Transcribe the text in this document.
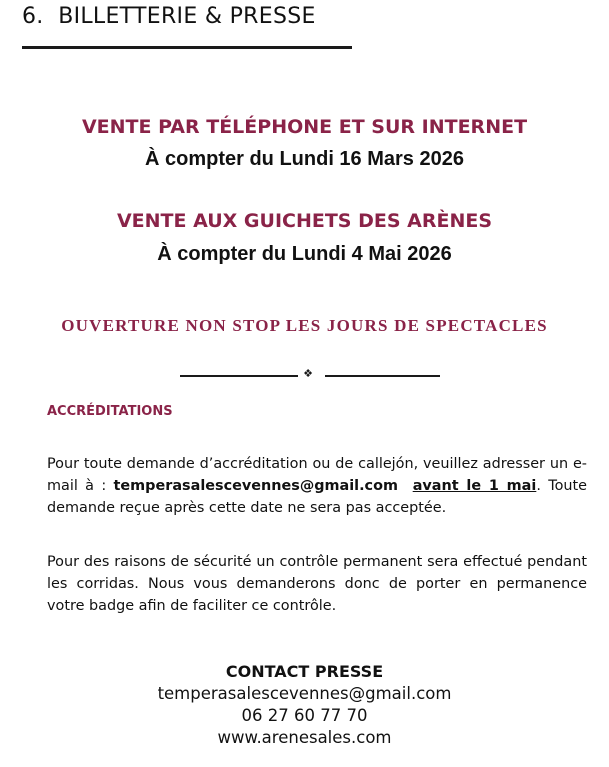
6. BILLETTERIE & PRESSE
VENTE PAR TÉLÉPHONE ET SUR INTERNET
À compter du Lundi 16 Mars 2026
VENTE AUX GUICHETS DES ARÈNES
À compter du Lundi 4 Mai 2026
OUVERTURE NON STOP LES JOURS DE SPECTACLES
❖
ACCRÉDITATIONS

Pour toute demande d’accréditation ou de callejón, veuillez adresser un e-mail à : temperasalescevennes@gmail.com avant le 1 mai. Toute demande reçue après cette date ne sera pas acceptée.

Pour des raisons de sécurité un contrôle permanent sera effectué pendant les corridas. Nous vous demanderons donc de porter en permanence votre badge afin de faciliter ce contrôle.

CONTACT PRESSE
temperasalescevennes@gmail.com
06 27 60 77 70
www.arenesales.com
